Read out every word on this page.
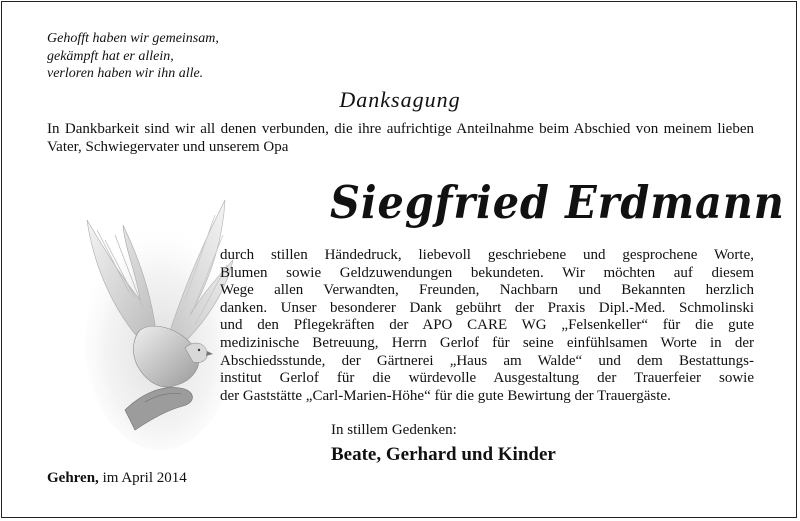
Gehofft haben wir gemeinsam,
gekämpft hat er allein,
verloren haben wir ihn alle.
Danksagung
In Dankbarkeit sind wir all denen verbunden, die ihre aufrichtige Anteilnahme beim Abschied von meinem lieben Vater, Schwiegervater und unserem Opa
Siegfried Erdmann
durch stillen Händedruck, liebevoll geschriebene und gesprochene Worte,
Blumen sowie Geldzuwendungen bekundeten. Wir möchten auf diesem
Wege allen Verwandten, Freunden, Nachbarn und Bekannten herzlich
danken. Unser besonderer Dank gebührt der Praxis Dipl.-Med. Schmolinski
und den Pflegekräften der APO CARE WG „Felsenkeller“ für die gute
medizinische Betreuung, Herrn Gerlof für seine einfühlsamen Worte in der
Abschiedsstunde, der Gärtnerei „Haus am Walde“ und dem Bestattungs-
institut Gerlof für die würdevolle Ausgestaltung der Trauerfeier sowie
der Gaststätte „Carl-Marien-Höhe“ für die gute Bewirtung der Trauergäste.
In stillem Gedenken:
Beate, Gerhard und Kinder
Gehren, im April 2014
